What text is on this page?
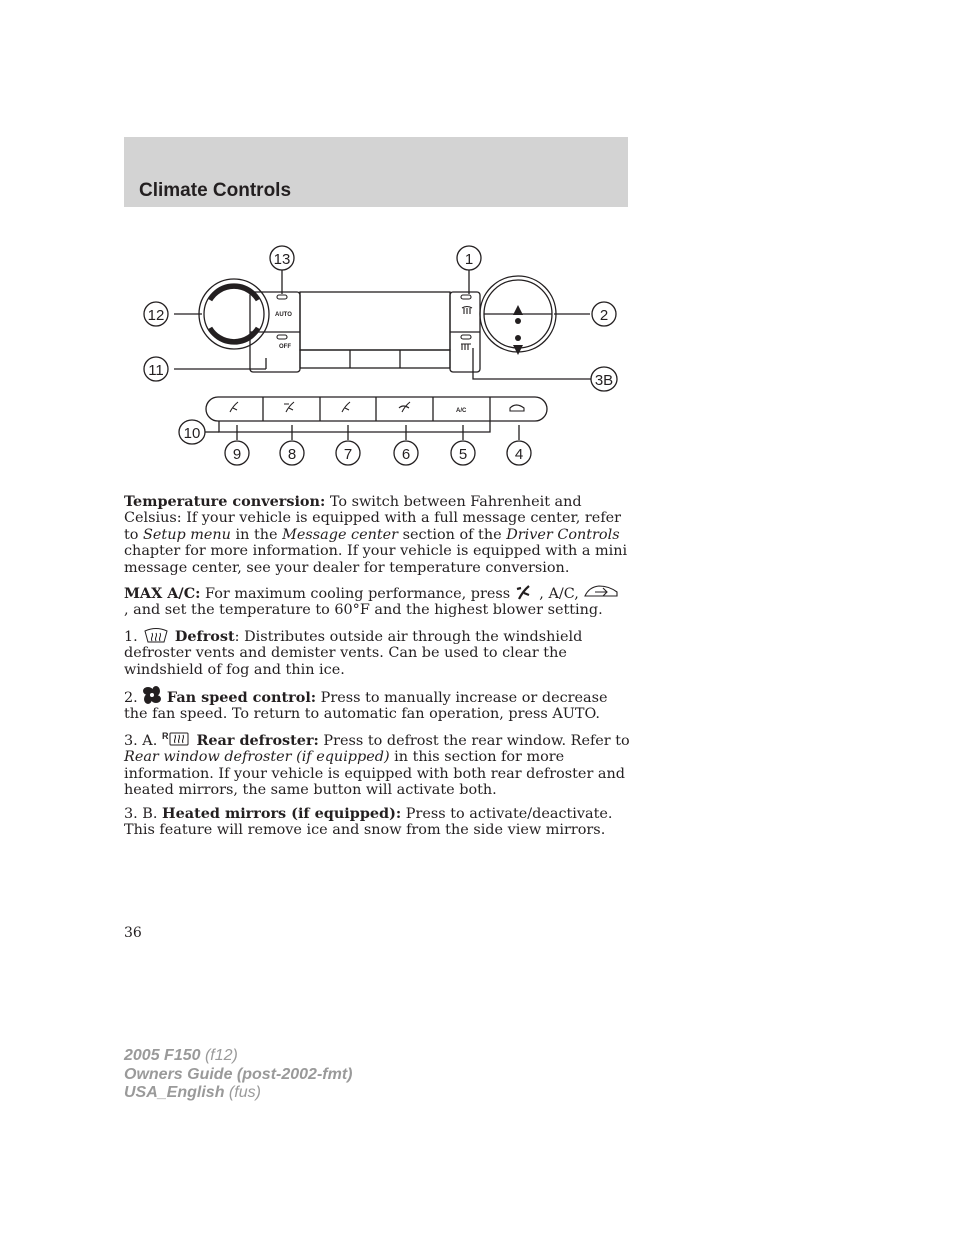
Climate Controls
AUTO
OFF
A/C
13	1
12	2
11
3B
10
9	8	7	6	5	4

Temperature conversion: To switch between Fahrenheit and Celsius: If your vehicle is equipped with a full message center, refer to Setup menu in the Message center section of the Driver Controls chapter for more information. If your vehicle is equipped with a mini message center, see your dealer for temperature conversion.

MAX A/C: For maximum cooling performance, press  , A/C,  , and set the temperature to 60°F and the highest blower setting.

1.  Defrost: Distributes outside air through the windshield defroster vents and demister vents. Can be used to clear the windshield of fog and thin ice.

2.  Fan speed control: Press to manually increase or decrease the fan speed. To return to automatic fan operation, press AUTO.

3. A. R Rear defroster: Press to defrost the rear window. Refer to Rear window defroster (if equipped) in this section for more information. If your vehicle is equipped with both rear defroster and heated mirrors, the same button will activate both.

3. B. Heated mirrors (if equipped): Press to activate/deactivate. This feature will remove ice and snow from the side view mirrors.

36
2005 F150 (f12)
Owners Guide (post-2002-fmt)
USA_English (fus)
